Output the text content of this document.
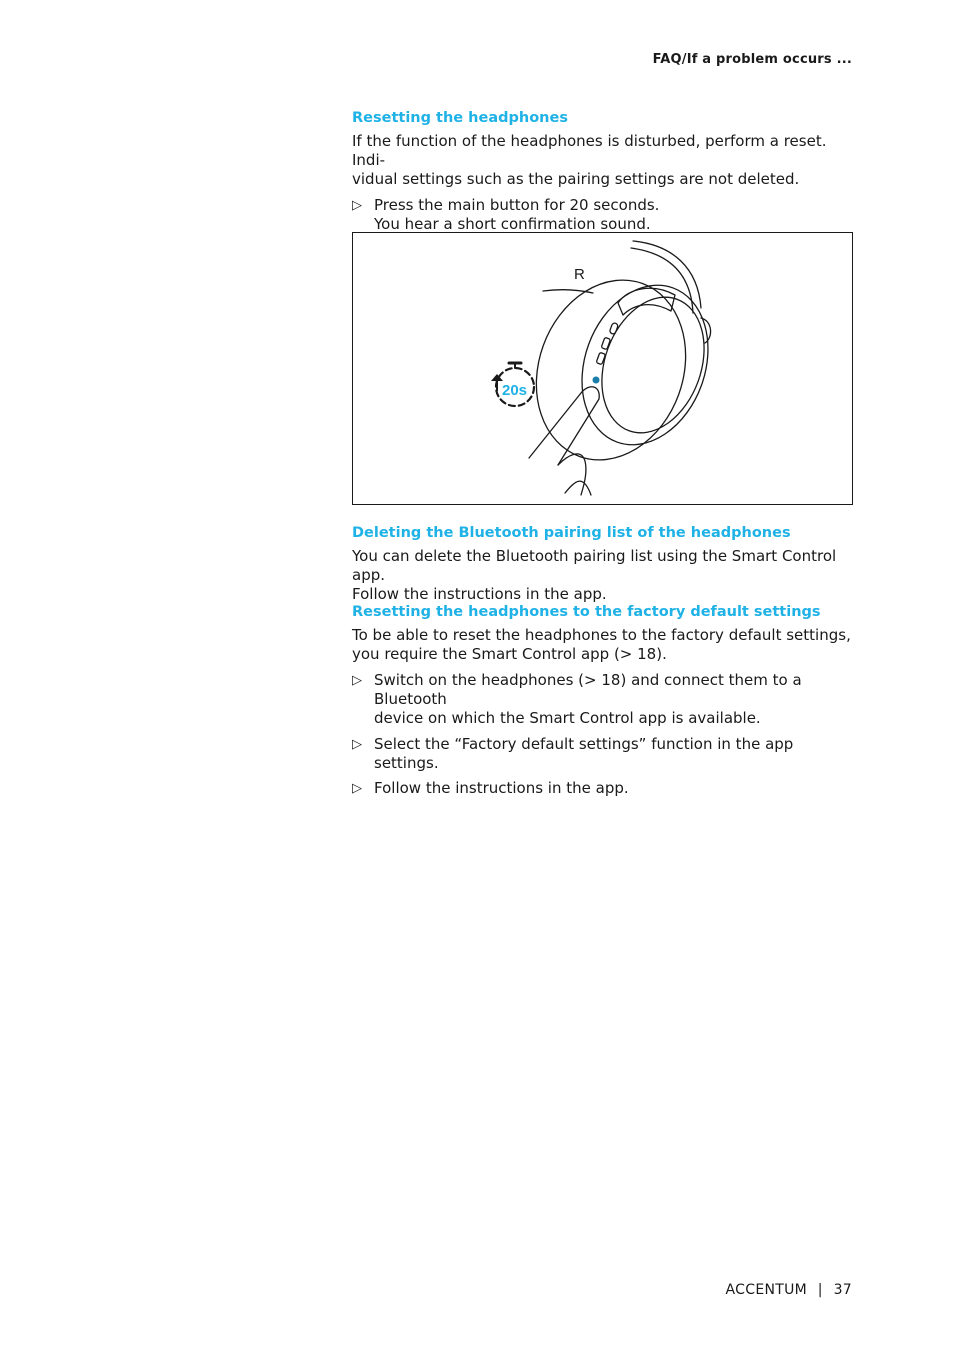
FAQ/If a problem occurs ...
Resetting the headphones

If the function of the headphones is disturbed, perform a reset. Indi-

vidual settings such as the pairing settings are not deleted.

▷ Press the main button for 20 seconds.
You hear a short confirmation sound.
R
20s
Deleting the Bluetooth pairing list of the headphones

You can delete the Bluetooth pairing list using the Smart Control app.

Follow the instructions in the app.

Resetting the headphones to the factory default settings

To be able to reset the headphones to the factory default settings,

you require the Smart Control app (> 18).

▷ Switch on the headphones (> 18) and connect them to a Bluetooth
device on which the Smart Control app is available.
▷ Select the “Factory default settings” function in the app settings.
▷ Follow the instructions in the app.
ACCENTUM | 37
